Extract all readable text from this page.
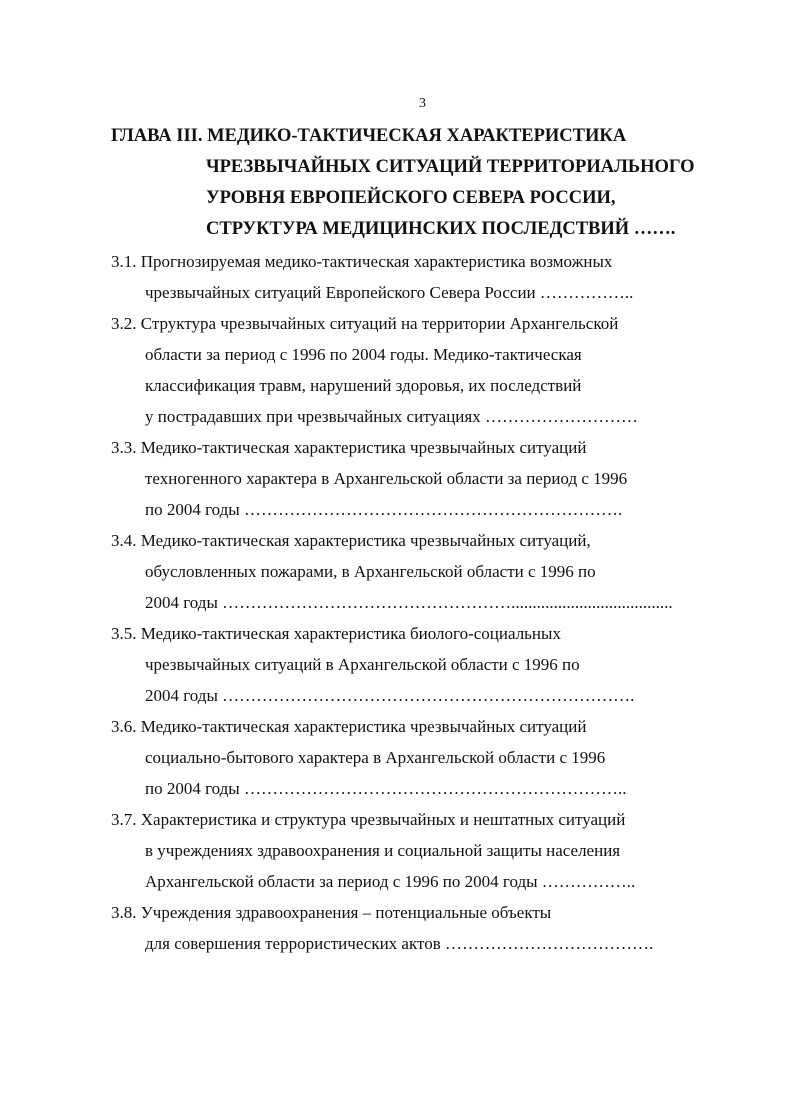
3
ГЛАВА III. МЕДИКО-ТАКТИЧЕСКАЯ ХАРАКТЕРИСТИКА
ЧРЕЗВЫЧАЙНЫХ СИТУАЦИЙ ТЕРРИТОРИАЛЬНОГО
УРОВНЯ ЕВРОПЕЙСКОГО СЕВЕРА РОССИИ,
СТРУКТУРА МЕДИЦИНСКИХ ПОСЛЕДСТВИЙ …….
3.1. Прогнозируемая медико-тактическая характеристика возможных
чрезвычайных ситуаций Европейского Севера России ……………..
3.2. Структура чрезвычайных ситуаций на территории Архангельской
области за период с 1996 по 2004 годы. Медико-тактическая
классификация травм, нарушений здоровья, их последствий
у пострадавших при чрезвычайных ситуациях ………………………
3.3. Медико-тактическая характеристика чрезвычайных ситуаций
техногенного характера в Архангельской области за период с 1996
по 2004 годы ………………………………………………………….
3.4. Медико-тактическая характеристика чрезвычайных ситуаций,
обусловленных пожарами, в Архангельской области с 1996 по
2004 годы ……………………………………………......................................
3.5. Медико-тактическая характеристика биолого-социальных
чрезвычайных ситуаций в Архангельской области с 1996 по
2004 годы ……………………………………………………………….
3.6. Медико-тактическая характеристика чрезвычайных ситуаций
социально-бытового характера в Архангельской области с 1996
по 2004 годы …………………………………………………………..
3.7. Характеристика и структура чрезвычайных и нештатных ситуаций
в учреждениях здравоохранения и социальной защиты населения
Архангельской области за период с 1996 по 2004 годы ……………..
3.8. Учреждения здравоохранения – потенциальные объекты
для совершения террористических актов ……………………………….
